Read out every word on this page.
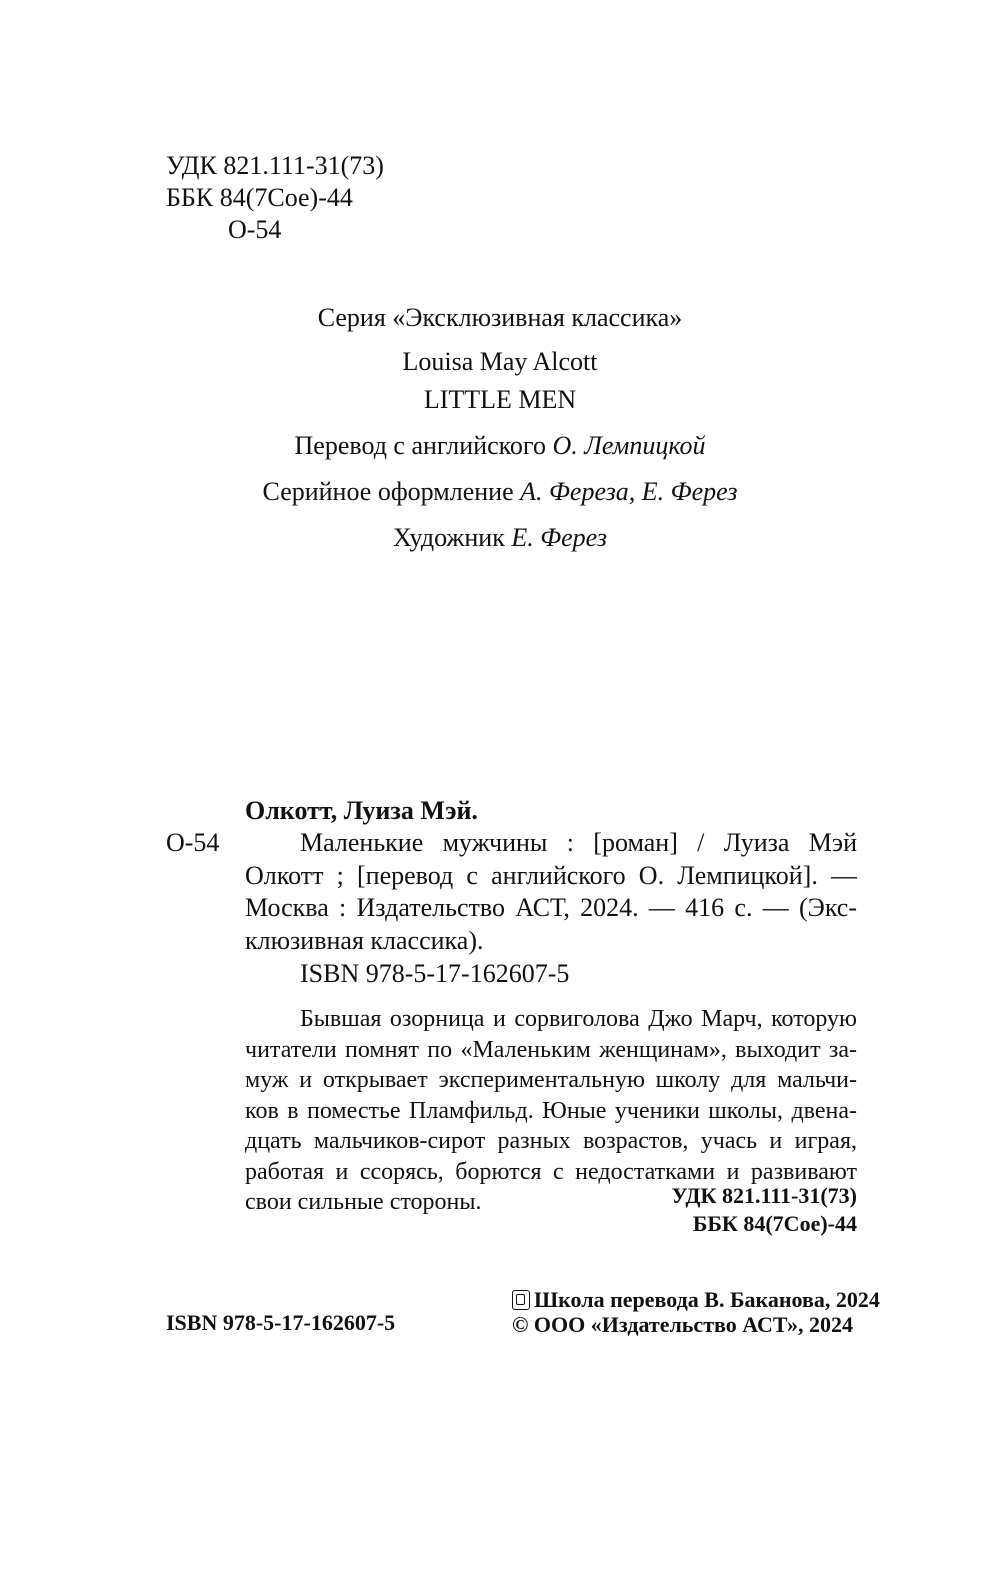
УДК 821.111-31(73)
ББК 84(7Сое)-44
О-54
Серия «Эксклюзивная классика»
Louisa May Alcott
LITTLE MEN
Перевод с английского О. Лемпицкой
Серийное оформление А. Фереза, Е. Ферез
Художник Е. Ферез
Олкотт, Луиза Мэй.
О-54	Маленькие мужчины : [роман] / Луиза Мэй
Олкотт ; [перевод с английского О. Лемпицкой]. —
Москва : Издательство АСТ, 2024. — 416 с. — (Экс-
клюзивная классика).
ISBN 978-5-17-162607-5
Бывшая озорница и сорвиголова Джо Марч, которую
читатели помнят по «Маленьким женщинам», выходит за-
муж и открывает экспериментальную школу для мальчи-
ков в поместье Пламфильд. Юные ученики школы, двена-
дцать мальчиков-сирот разных возрастов, учась и играя,
работая и ссорясь, борются с недостатками и развивают
свои сильные стороны.	УДК 821.111-31(73)
ББК 84(7Сое)-44
ISBN 978-5-17-162607-5
Школа перевода В. Баканова, 2024
© ООО «Издательство АСТ», 2024
